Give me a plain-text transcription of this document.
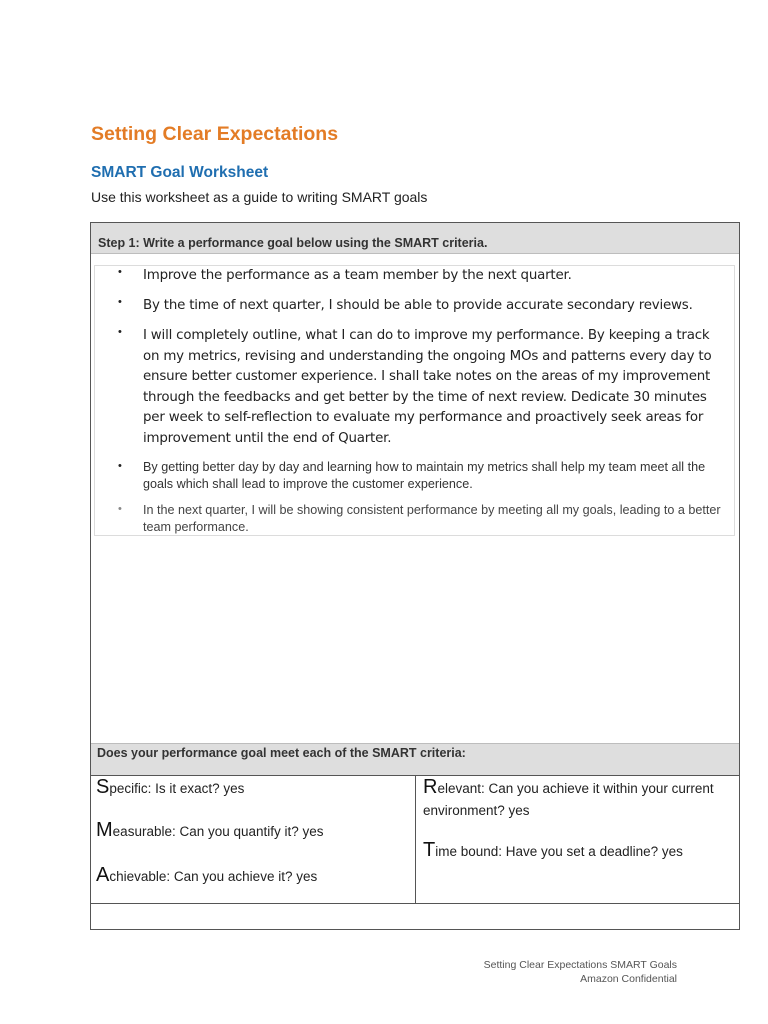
Setting Clear Expectations
SMART Goal Worksheet

Use this worksheet as a guide to writing SMART goals

Step 1: Write a performance goal below using the SMART criteria.
• Improve the performance as a team member by the next quarter.
• By the time of next quarter, I should be able to provide accurate secondary reviews.
• I will completely outline, what I can do to improve my performance. By keeping a track on my metrics, revising and understanding the ongoing MOs and patterns every day to ensure better customer experience. I shall take notes on the areas of my improvement through the feedbacks and get better by the time of next review. Dedicate 30 minutes per week to self-reflection to evaluate my performance and proactively seek areas for improvement until the end of Quarter.
• By getting better day by day and learning how to maintain my metrics shall help my team meet all the goals which shall lead to improve the customer experience.
• In the next quarter, I will be showing consistent performance by meeting all my goals, leading to a better team performance.
Does your performance goal meet each of the SMART criteria:
Specific: Is it exact? yes
Measurable: Can you quantify it? yes
Achievable: Can you achieve it? yes
Relevant: Can you achieve it within your current environment? yes
Time bound: Have you set a deadline? yes
Setting Clear Expectations SMART Goals
Amazon Confidential
